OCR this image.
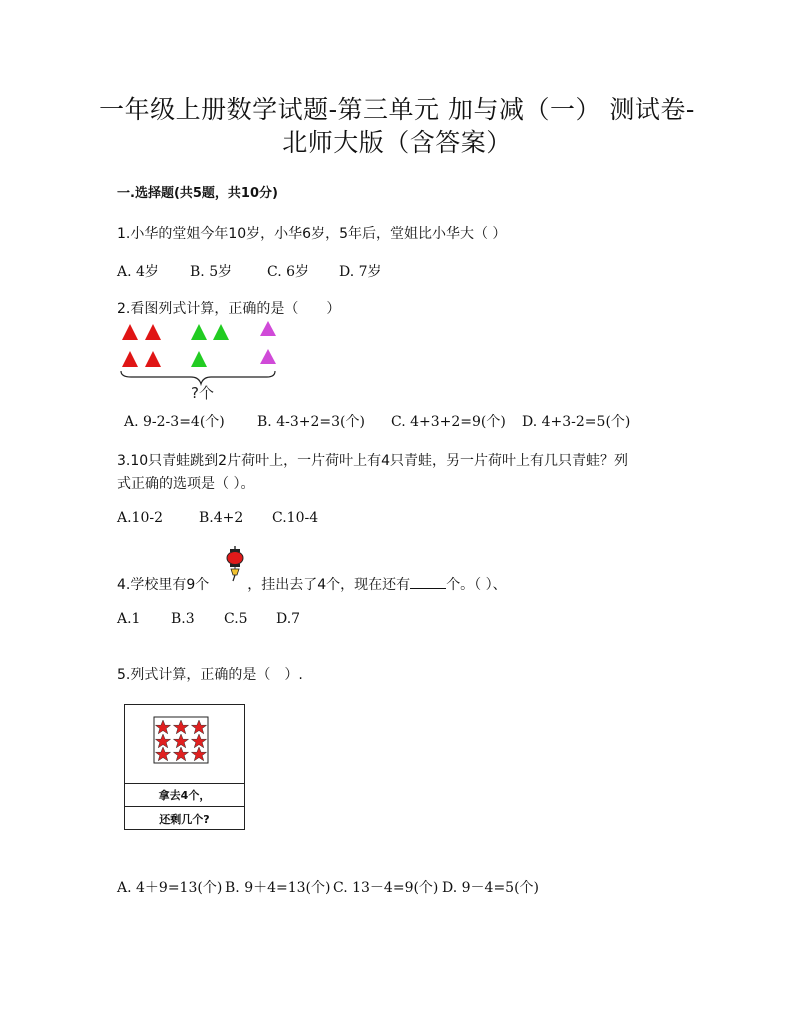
一年级上册数学试题-第三单元 加与减（一） 测试卷-
北师大版（含答案）
一.选择题(共5题，共10分)
1.小华的堂姐今年10岁，小华6岁，5年后，堂姐比小华大（ ）
A. 4岁 B. 5岁 C. 6岁 D. 7岁
2.看图列式计算，正确的是（　　）
?个
A. 9-2-3=4(个) B. 4-3+2=3(个) C. 4+3+2=9(个) D. 4+3-2=5(个)
3.10只青蛙跳到2片荷叶上，一片荷叶上有4只青蛙，另一片荷叶上有几只青蛙？列
式正确的选项是（ ）。
A.10-2	B.4+2 C.10-4
4.学校里有9个	，挂出去了4个，现在还有	个。（ ）、
A.1 B.3 C.5 D.7
5.列式计算，正确的是（　）.
拿去4个，
还剩几个?
A. 4＋9=13(个) B. 9＋4=13(个) C. 13－4=9(个) D. 9－4=5(个)
